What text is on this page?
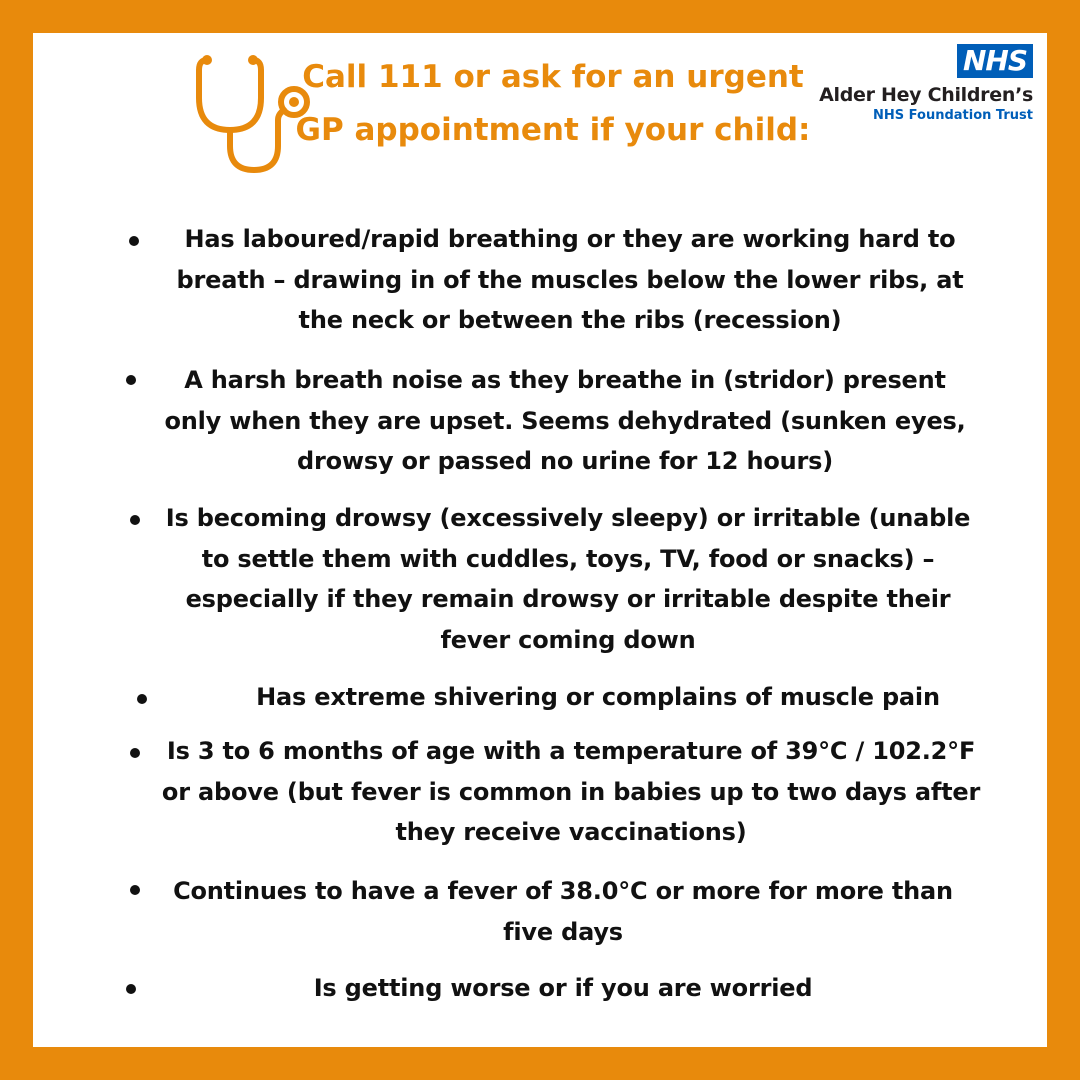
Call 111 or ask for an urgent GP appointment if your child:
NHS
Alder Hey Children’s
NHS Foundation Trust
Has laboured/rapid breathing or they are working hard to breath – drawing in of the muscles below the lower ribs, at the neck or between the ribs (recession)
A harsh breath noise as they breathe in (stridor) present only when they are upset. Seems dehydrated (sunken eyes, drowsy or passed no urine for 12 hours)
Is becoming drowsy (excessively sleepy) or irritable (unable to settle them with cuddles, toys, TV, food or snacks) – especially if they remain drowsy or irritable despite their fever coming down
Has extreme shivering or complains of muscle pain
Is 3 to 6 months of age with a temperature of 39°C / 102.2°F or above (but fever is common in babies up to two days after they receive vaccinations)
Continues to have a fever of 38.0°C or more for more than five days
Is getting worse or if you are worried
